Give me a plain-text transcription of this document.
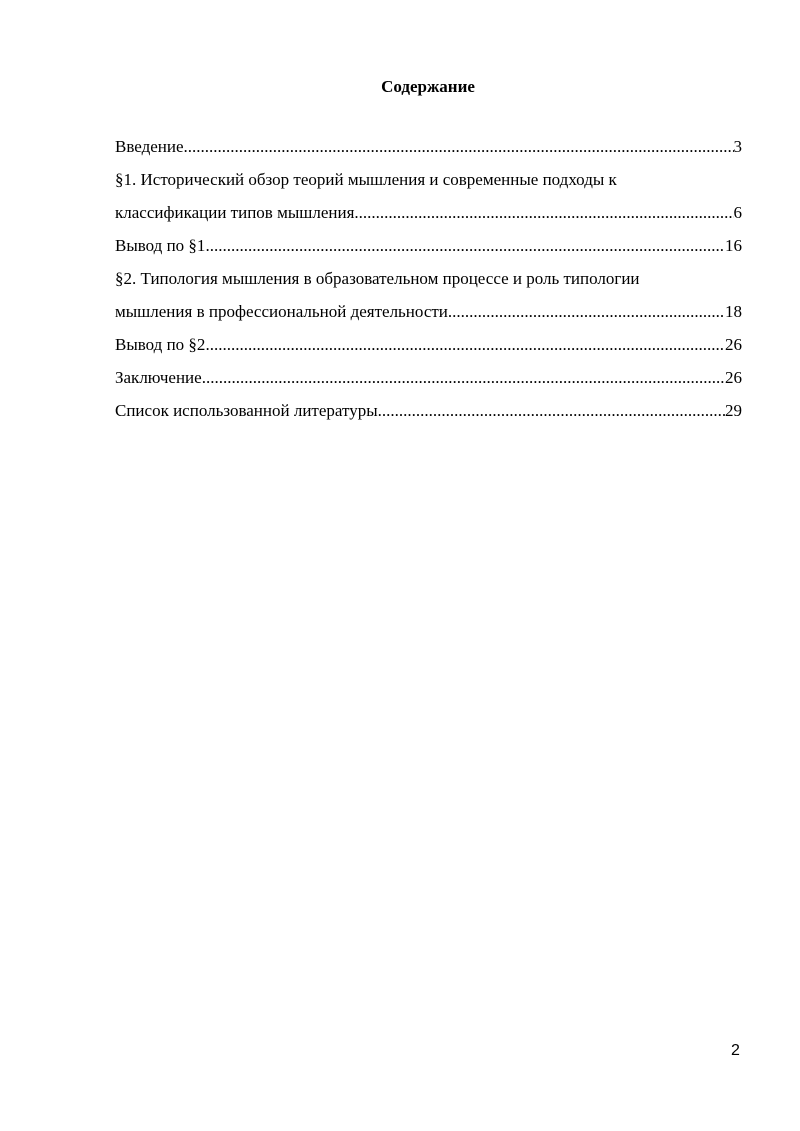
Содержание
Введение .....	3
§1. Исторический обзор теорий мышления и современные подходы к
классификации типов мышления .....	6
Вывод по §1 .....	16
§2. Типология мышления в образовательном процессе и роль типологии
мышления в профессиональной деятельности .....	18
Вывод по §2 .....	26
Заключение .....	26
Список использованной литературы .....	29
2
